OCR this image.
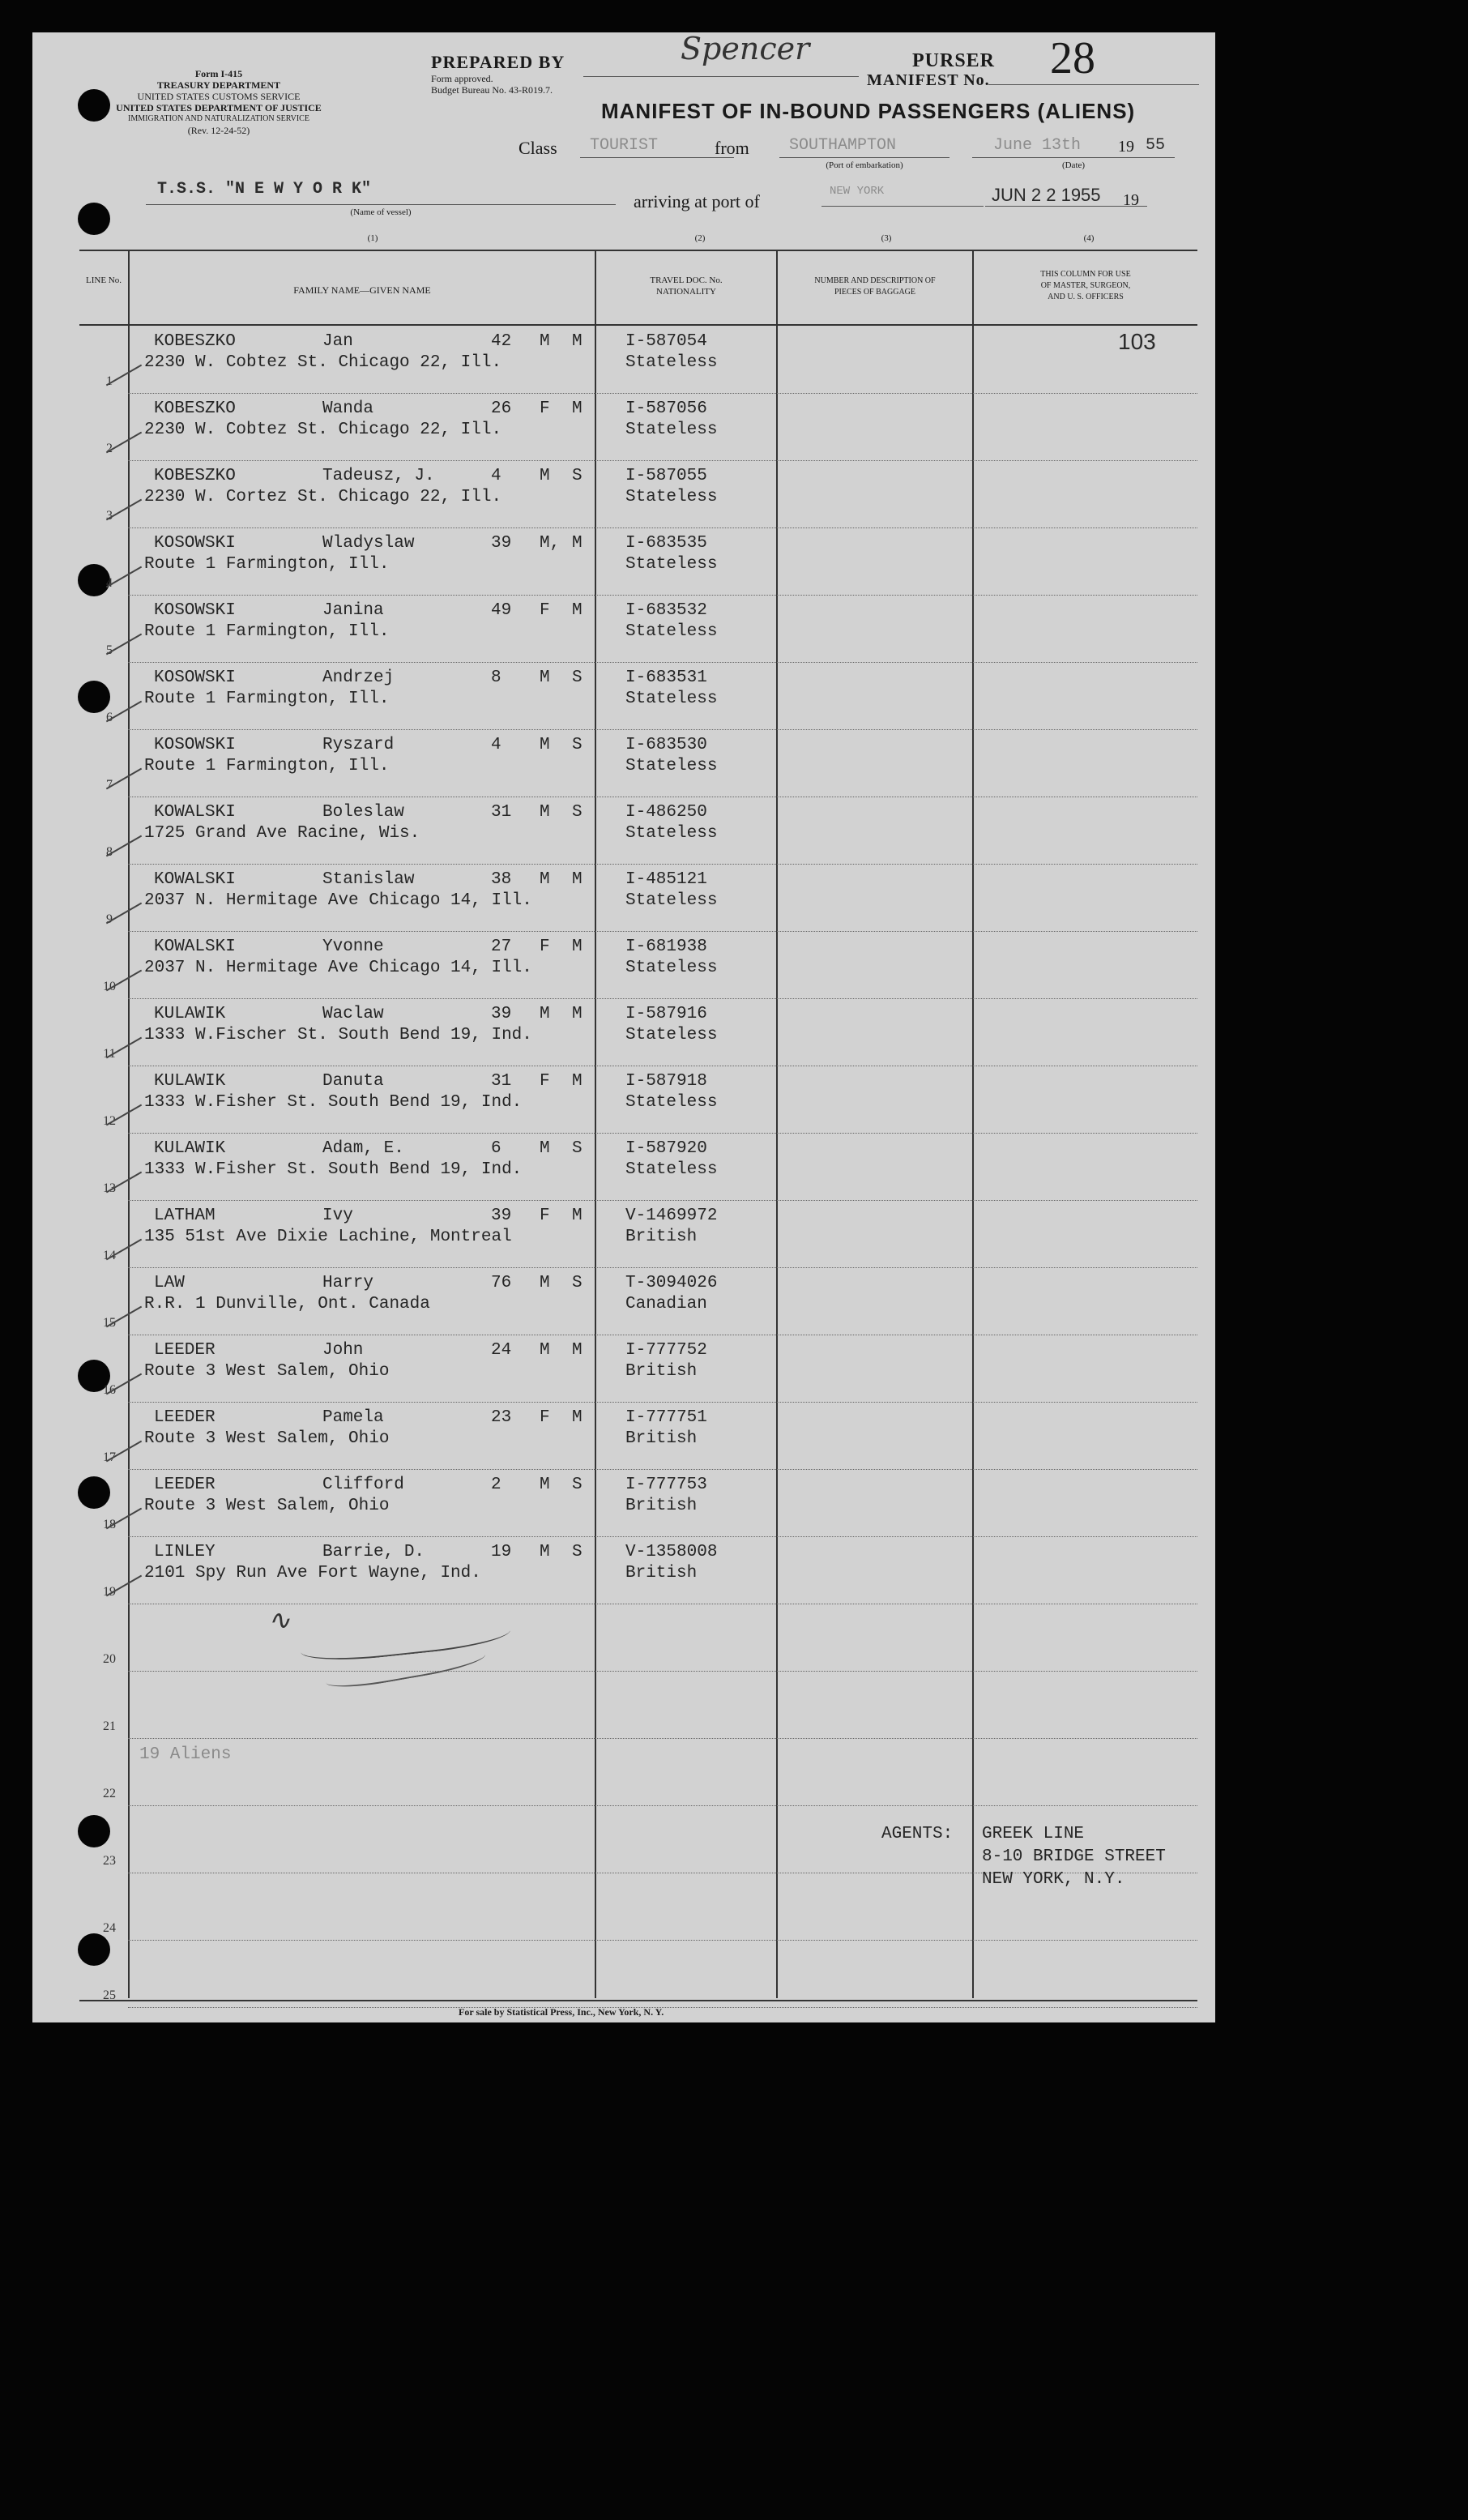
Form I-415
TREASURY DEPARTMENT
UNITED STATES CUSTOMS SERVICE
UNITED STATES DEPARTMENT OF JUSTICE
IMMIGRATION AND NATURALIZATION SERVICE
(Rev. 12-24-52)
PREPARED BY
Form approved.
Budget Bureau No. 43-R019.7.
Spencer	PURSER
MANIFEST No. 28
MANIFEST OF IN-BOUND PASSENGERS (ALIENS)
Class TOURIST	from SOUTHAMPTON
(Port of embarkation)
June 13th 19 55
(Date)
T.S.S. "N E W Y O R K"
(Name of vessel)
arriving at port of	NEW YORK	JUN 2 2 1955 19
(1)	(2)	(3)	(4)
LINE No.
FAMILY NAME—GIVEN NAME
TRAVEL DOC. No.
NATIONALITY
NUMBER AND DESCRIPTION OF
PIECES OF BAGGAGE
THIS COLUMN FOR USE
OF MASTER, SURGEON,
AND U. S. OFFICERS
103
1
KOBESZKO	Jan	42 M M
2230 W. Cobtez St. Chicago 22, Ill.
I-587054
Stateless
2
KOBESZKO	Wanda	26 F M
2230 W. Cobtez St. Chicago 22, Ill.
I-587056
Stateless
3
KOBESZKO	Tadeusz, J.	4 M S
2230 W. Cortez St. Chicago 22, Ill.
I-587055
Stateless
4
KOSOWSKI	Wladyslaw	39 M, M
Route 1 Farmington, Ill.
I-683535
Stateless
5
KOSOWSKI	Janina	49 F M
Route 1 Farmington, Ill.
I-683532
Stateless
6
KOSOWSKI	Andrzej	8 M S
Route 1 Farmington, Ill.
I-683531
Stateless
7
KOSOWSKI	Ryszard	4 M S
Route 1 Farmington, Ill.
I-683530
Stateless
8
KOWALSKI	Boleslaw	31 M S
1725 Grand Ave Racine, Wis.
I-486250
Stateless
9
KOWALSKI	Stanislaw	38 M M
2037 N. Hermitage Ave Chicago 14, Ill.
I-485121
Stateless
10
KOWALSKI	Yvonne	27 F M
2037 N. Hermitage Ave Chicago 14, Ill.
I-681938
Stateless
11
KULAWIK	Waclaw	39 M M
1333 W.Fischer St. South Bend 19, Ind.
I-587916
Stateless
12
KULAWIK	Danuta	31 F M
1333 W.Fisher St. South Bend 19, Ind.
I-587918
Stateless
13
KULAWIK	Adam, E.	6 M S
1333 W.Fisher St. South Bend 19, Ind.
I-587920
Stateless
14
LATHAM	Ivy	39 F M
135 51st Ave Dixie Lachine, Montreal
V-1469972
British
15
LAW	Harry	76 M S
R.R. 1 Dunville, Ont. Canada
T-3094026
Canadian
16
LEEDER	John	24 M M
Route 3 West Salem, Ohio
I-777752
British
17
LEEDER	Pamela	23 F M
Route 3 West Salem, Ohio
I-777751
British
18
LEEDER	Clifford	2 M S
Route 3 West Salem, Ohio
I-777753
British
19
LINLEY	Barrie, D.	19 M S
2101 Spy Run Ave Fort Wayne, Ind.
V-1358008
British
20
21
22
23
24
25
∿
19 Aliens
AGENTS: GREEK LINE
8-10 BRIDGE STREET
NEW YORK, N.Y.
For sale by Statistical Press, Inc., New York, N. Y.
